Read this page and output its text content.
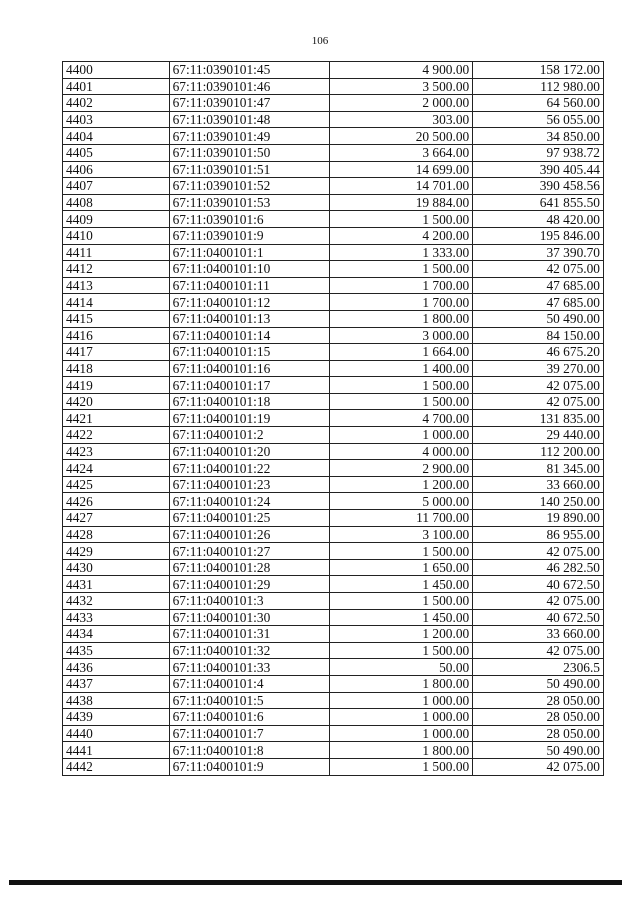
106
4400	67:11:0390101:45	4 900.00	158 172.00
4401	67:11:0390101:46	3 500.00	112 980.00
4402	67:11:0390101:47	2 000.00	64 560.00
4403	67:11:0390101:48	303.00	56 055.00
4404	67:11:0390101:49	20 500.00	34 850.00
4405	67:11:0390101:50	3 664.00	97 938.72
4406	67:11:0390101:51	14 699.00	390 405.44
4407	67:11:0390101:52	14 701.00	390 458.56
4408	67:11:0390101:53	19 884.00	641 855.50
4409	67:11:0390101:6	1 500.00	48 420.00
4410	67:11:0390101:9	4 200.00	195 846.00
4411	67:11:0400101:1	1 333.00	37 390.70
4412	67:11:0400101:10	1 500.00	42 075.00
4413	67:11:0400101:11	1 700.00	47 685.00
4414	67:11:0400101:12	1 700.00	47 685.00
4415	67:11:0400101:13	1 800.00	50 490.00
4416	67:11:0400101:14	3 000.00	84 150.00
4417	67:11:0400101:15	1 664.00	46 675.20
4418	67:11:0400101:16	1 400.00	39 270.00
4419	67:11:0400101:17	1 500.00	42 075.00
4420	67:11:0400101:18	1 500.00	42 075.00
4421	67:11:0400101:19	4 700.00	131 835.00
4422	67:11:0400101:2	1 000.00	29 440.00
4423	67:11:0400101:20	4 000.00	112 200.00
4424	67:11:0400101:22	2 900.00	81 345.00
4425	67:11:0400101:23	1 200.00	33 660.00
4426	67:11:0400101:24	5 000.00	140 250.00
4427	67:11:0400101:25	11 700.00	19 890.00
4428	67:11:0400101:26	3 100.00	86 955.00
4429	67:11:0400101:27	1 500.00	42 075.00
4430	67:11:0400101:28	1 650.00	46 282.50
4431	67:11:0400101:29	1 450.00	40 672.50
4432	67:11:0400101:3	1 500.00	42 075.00
4433	67:11:0400101:30	1 450.00	40 672.50
4434	67:11:0400101:31	1 200.00	33 660.00
4435	67:11:0400101:32	1 500.00	42 075.00
4436	67:11:0400101:33	50.00	2306.5
4437	67:11:0400101:4	1 800.00	50 490.00
4438	67:11:0400101:5	1 000.00	28 050.00
4439	67:11:0400101:6	1 000.00	28 050.00
4440	67:11:0400101:7	1 000.00	28 050.00
4441	67:11:0400101:8	1 800.00	50 490.00
4442	67:11:0400101:9	1 500.00	42 075.00
